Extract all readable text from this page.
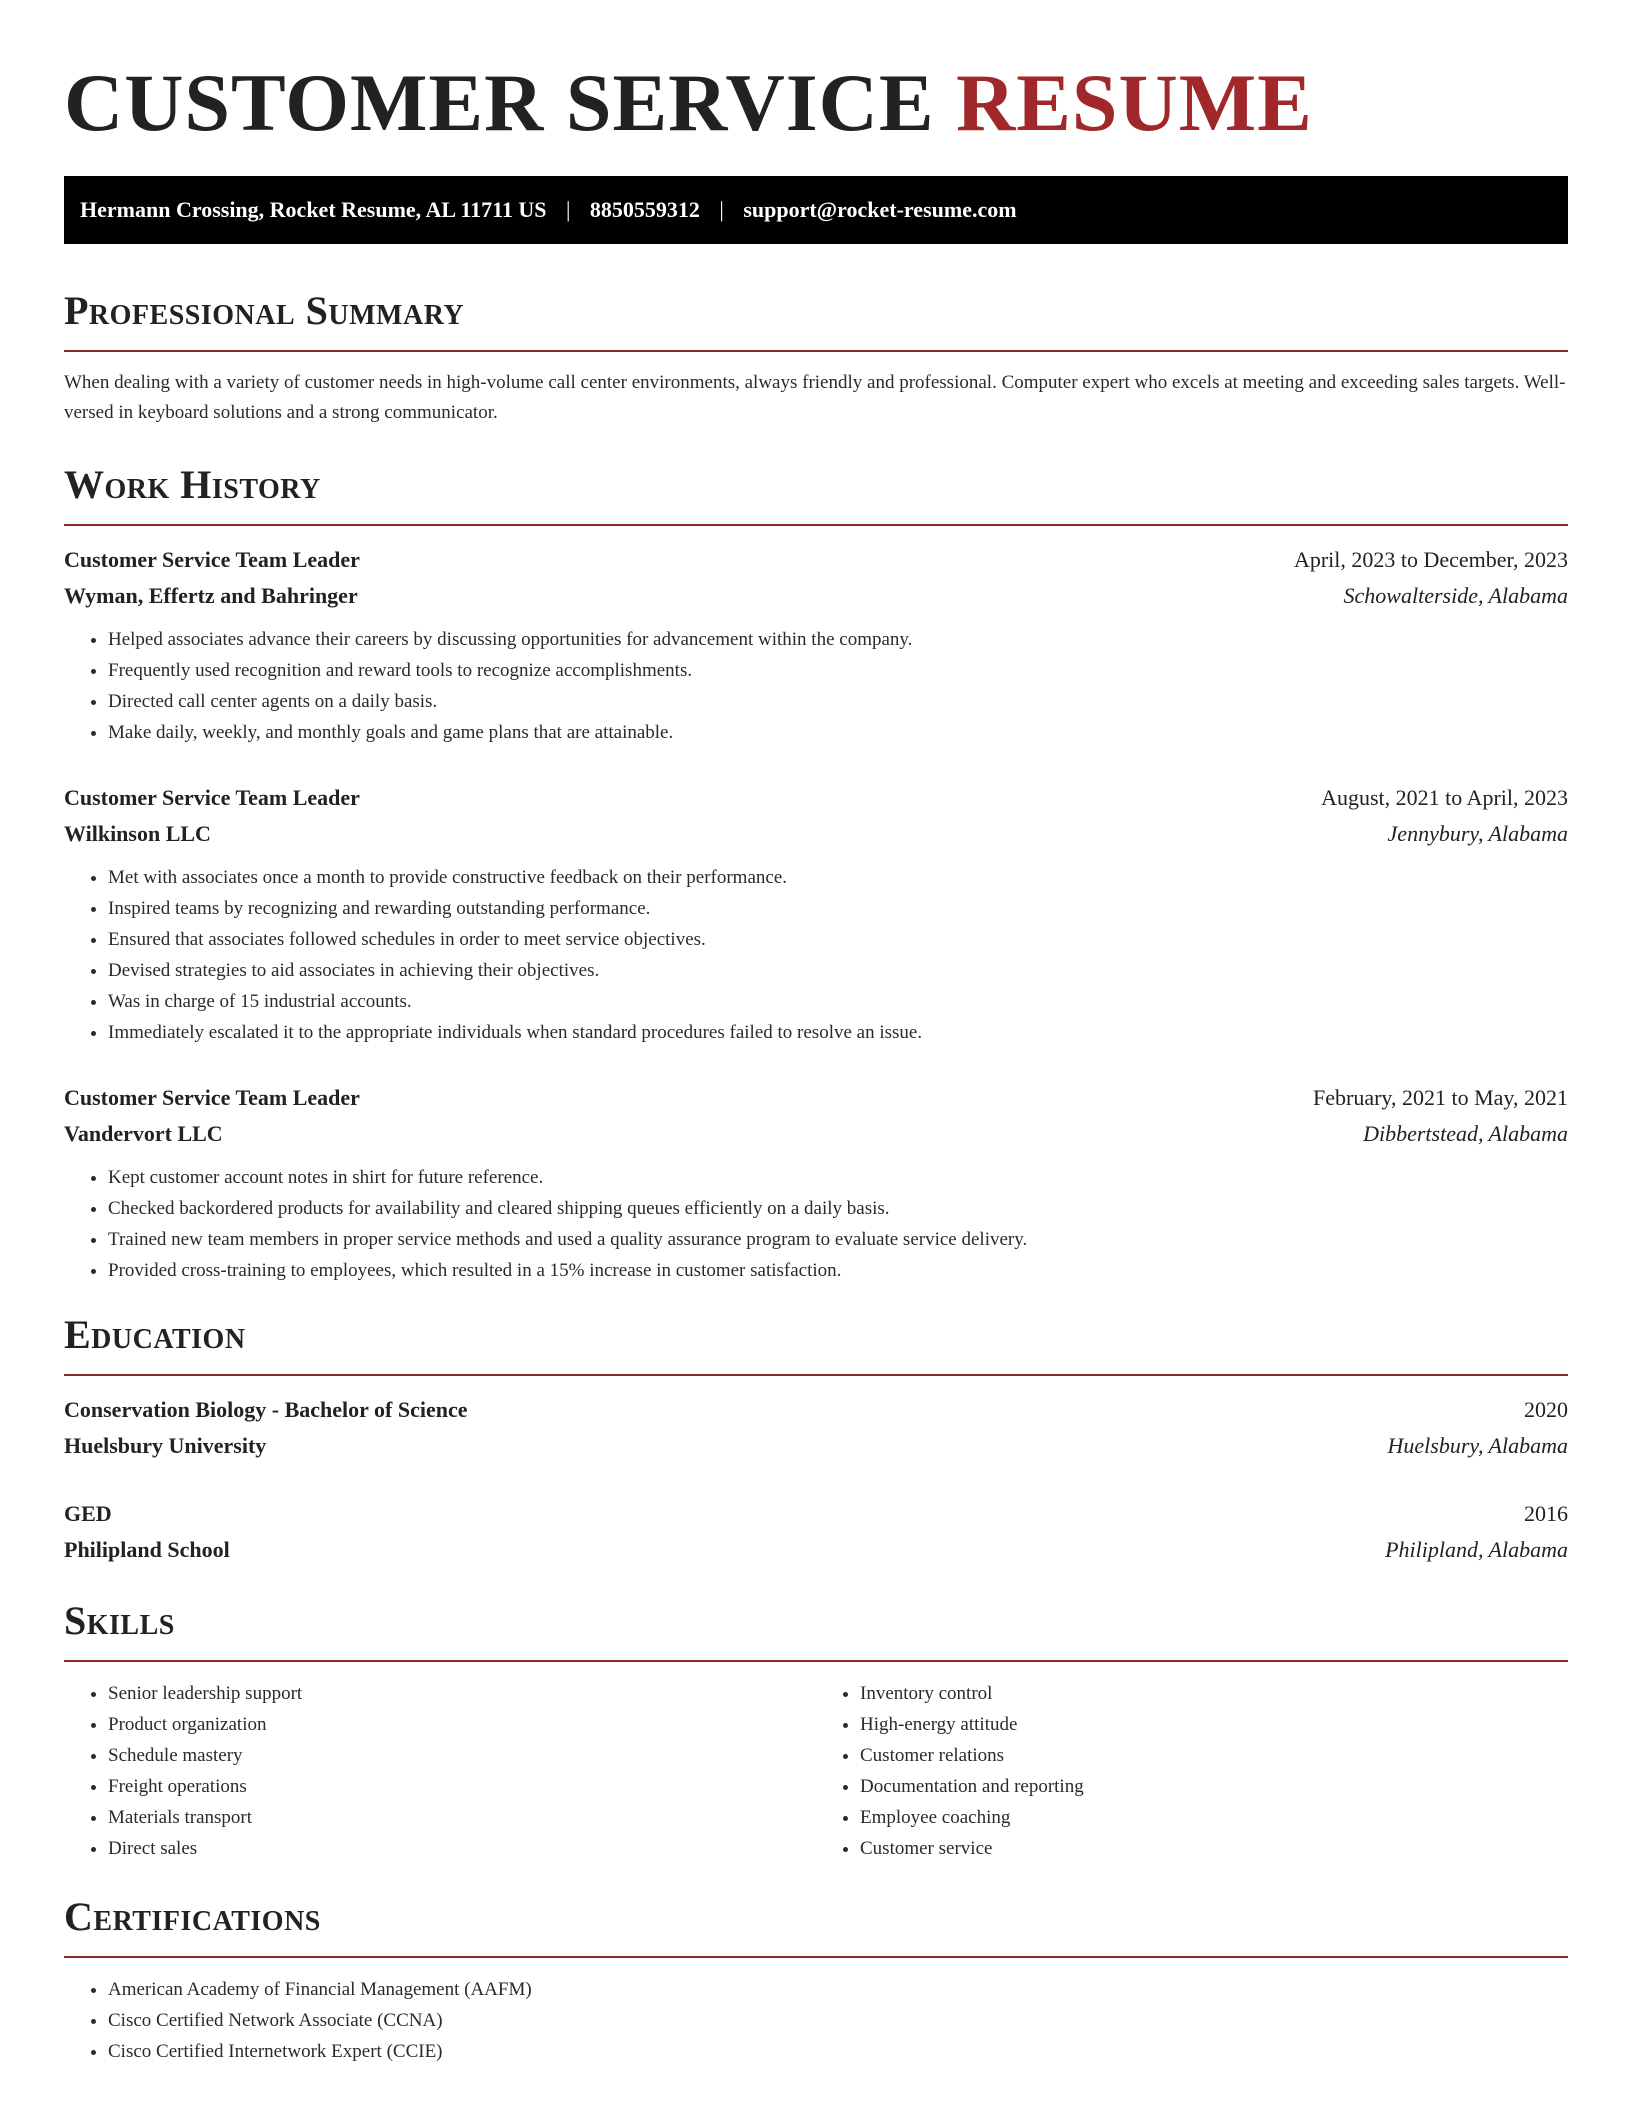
CUSTOMER SERVICE RESUME
Hermann Crossing, Rocket Resume, AL 11711 US | 8850559312 | support@rocket-resume.com
Professional Summary

When dealing with a variety of customer needs in high-volume call center environments, always friendly and professional. Computer expert who excels at meeting and exceeding sales targets. Well-versed in keyboard solutions and a strong communicator.

Work History
Customer Service Team Leader	April, 2023 to December, 2023
Wyman, Effertz and Bahringer	Schowalterside, Alabama
• Helped associates advance their careers by discussing opportunities for advancement within the company.
• Frequently used recognition and reward tools to recognize accomplishments.
• Directed call center agents on a daily basis.
• Make daily, weekly, and monthly goals and game plans that are attainable.
Customer Service Team Leader	August, 2021 to April, 2023
Wilkinson LLC	Jennybury, Alabama
• Met with associates once a month to provide constructive feedback on their performance.
• Inspired teams by recognizing and rewarding outstanding performance.
• Ensured that associates followed schedules in order to meet service objectives.
• Devised strategies to aid associates in achieving their objectives.
• Was in charge of 15 industrial accounts.
• Immediately escalated it to the appropriate individuals when standard procedures failed to resolve an issue.
Customer Service Team Leader	February, 2021 to May, 2021
Vandervort LLC	Dibbertstead, Alabama
• Kept customer account notes in shirt for future reference.
• Checked backordered products for availability and cleared shipping queues efficiently on a daily basis.
• Trained new team members in proper service methods and used a quality assurance program to evaluate service delivery.
• Provided cross-training to employees, which resulted in a 15% increase in customer satisfaction.
Education
Conservation Biology - Bachelor of Science	2020
Huelsbury University	Huelsbury, Alabama
GED	2016
Philipland School	Philipland, Alabama
Skills
• Senior leadership support
• Product organization
• Schedule mastery
• Freight operations
• Materials transport
• Direct sales
• Inventory control
• High-energy attitude
• Customer relations
• Documentation and reporting
• Employee coaching
• Customer service
Certifications
• American Academy of Financial Management (AAFM)
• Cisco Certified Network Associate (CCNA)
• Cisco Certified Internetwork Expert (CCIE)
